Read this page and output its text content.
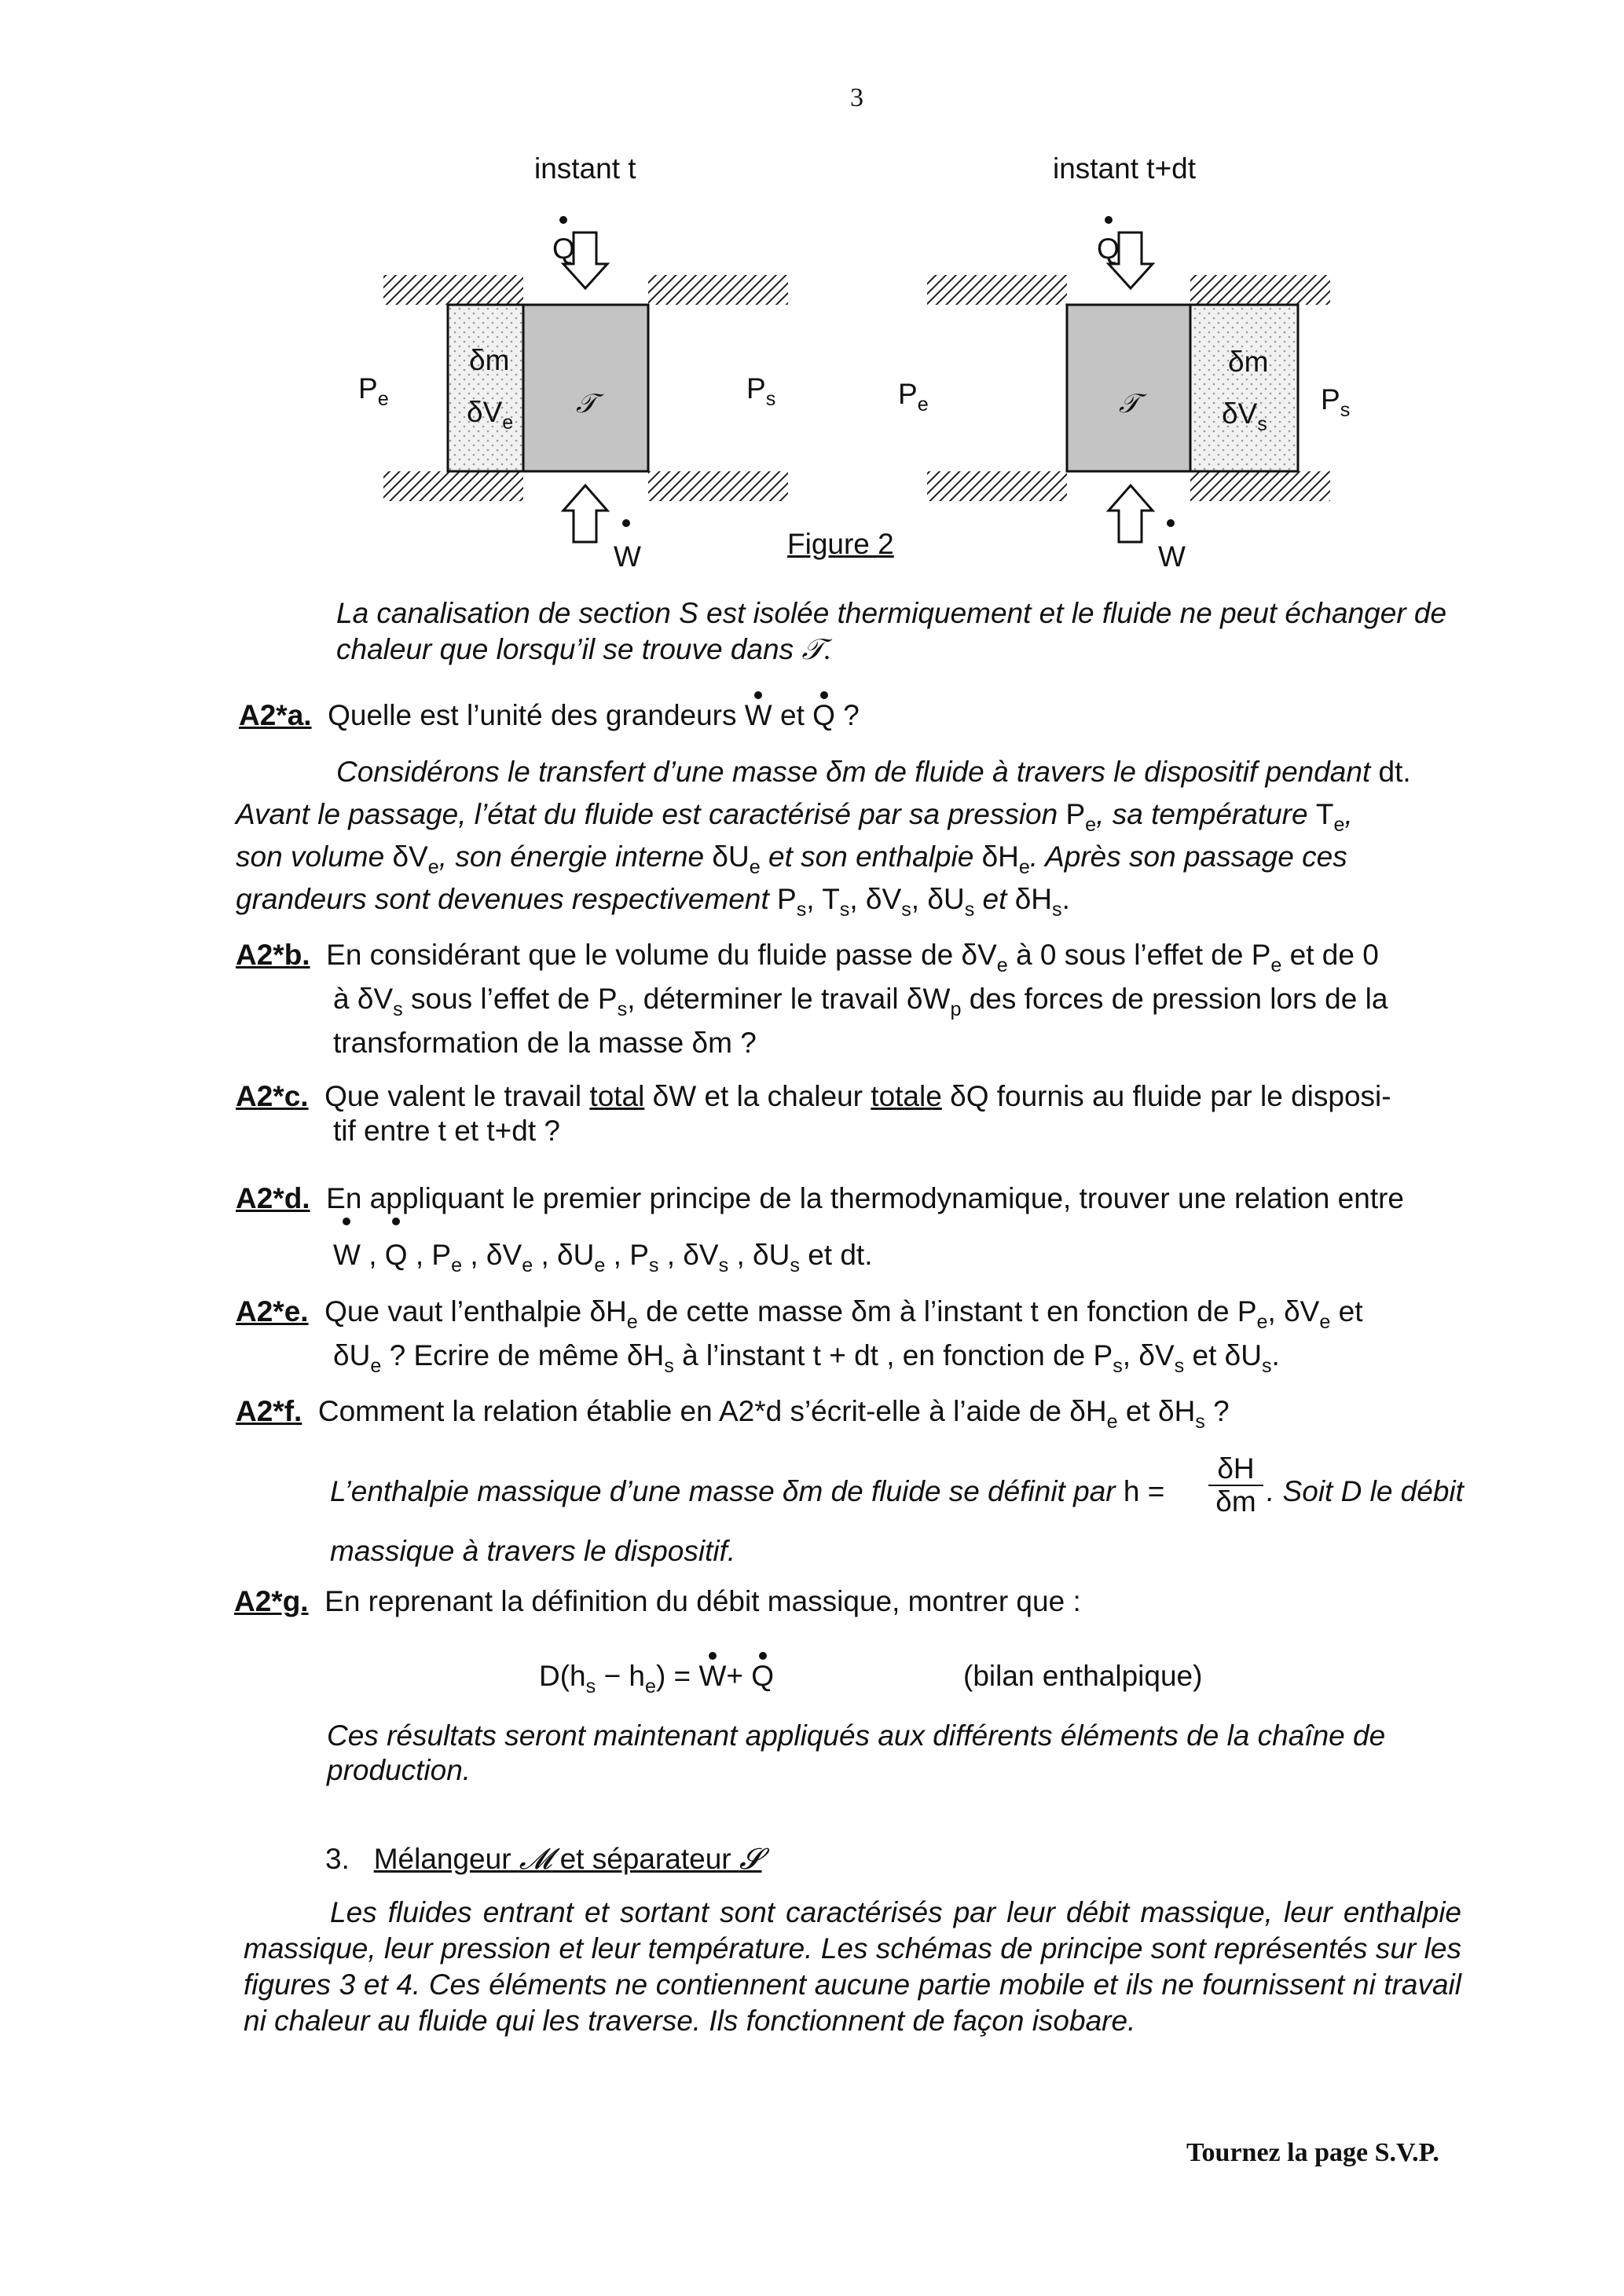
3
instant t
Q
W
$P_e$	$P_s$
δm
$\delta V_e$
𝒯
instant t+dt
Q
W
$P_e$	$P_s$
δm
$\delta V_s$
𝒯
Figure 2
La canalisation de section S est isolée thermiquement et le fluide ne peut échanger de chaleur que lorsqu’il se trouve dans 𝒯.
A2*a. Quelle est l’unité des grandeurs W et Q ?
Considérons le transfert d’une masse δm de fluide à travers le dispositif pendant dt.
Avant le passage, l’état du fluide est caractérisé par sa pression $P_e$, sa température $T_e$,
son volume $\delta V_e$, son énergie interne $\delta U_e$ et son enthalpie $\delta H_e$. Après son passage ces
grandeurs sont devenues respectivement $P_s$, $T_s$, $\delta V_s$, $\delta U_s$ et $\delta H_s$.
A2*b. En considérant que le volume du fluide passe de $\delta V_e$ à 0 sous l’effet de $P_e$ et de 0
à $\delta V_s$ sous l’effet de $P_s$, déterminer le travail $\delta W_p$ des forces de pression lors de la
transformation de la masse δm ?
A2*c. Que valent le travail total δW et la chaleur totale δQ fournis au fluide par le disposi-
tif entre t et t+dt ?
A2*d. En appliquant le premier principe de la thermodynamique, trouver une relation entre
W , Q , $P_e$ , $\delta V_e$ , $\delta U_e$ , $P_s$ , $\delta V_s$ , $\delta U_s$ et dt.
A2*e. Que vaut l’enthalpie $\delta H_e$ de cette masse δm à l’instant t en fonction de $P_e$, $\delta V_e$ et
$\delta U_e$ ? Ecrire de même $\delta H_s$ à l’instant t + dt , en fonction de $P_s$, $\delta V_s$ et $\delta U_s$.
A2*f. Comment la relation établie en A2*d s’écrit-elle à l’aide de $\delta H_e$ et $\delta H_s$ ?
L’enthalpie massique d’une masse δm de fluide se définit par h =
δH
δm . Soit D le débit
massique à travers le dispositif.
A2*g. En reprenant la définition du débit massique, montrer que :
$D(h_s - h_e) = W+ Q$	(bilan enthalpique)
Ces résultats seront maintenant appliqués aux différents éléments de la chaîne de production.
3. Mélangeur 𝓜 et séparateur 𝓢
Les fluides entrant et sortant sont caractérisés par leur débit massique, leur enthalpie massique, leur pression et leur température. Les schémas de principe sont représentés sur les figures 3 et 4. Ces éléments ne contiennent aucune partie mobile et ils ne fournissent ni travail ni chaleur au fluide qui les traverse. Ils fonctionnent de façon isobare.
Tournez la page S.V.P.
